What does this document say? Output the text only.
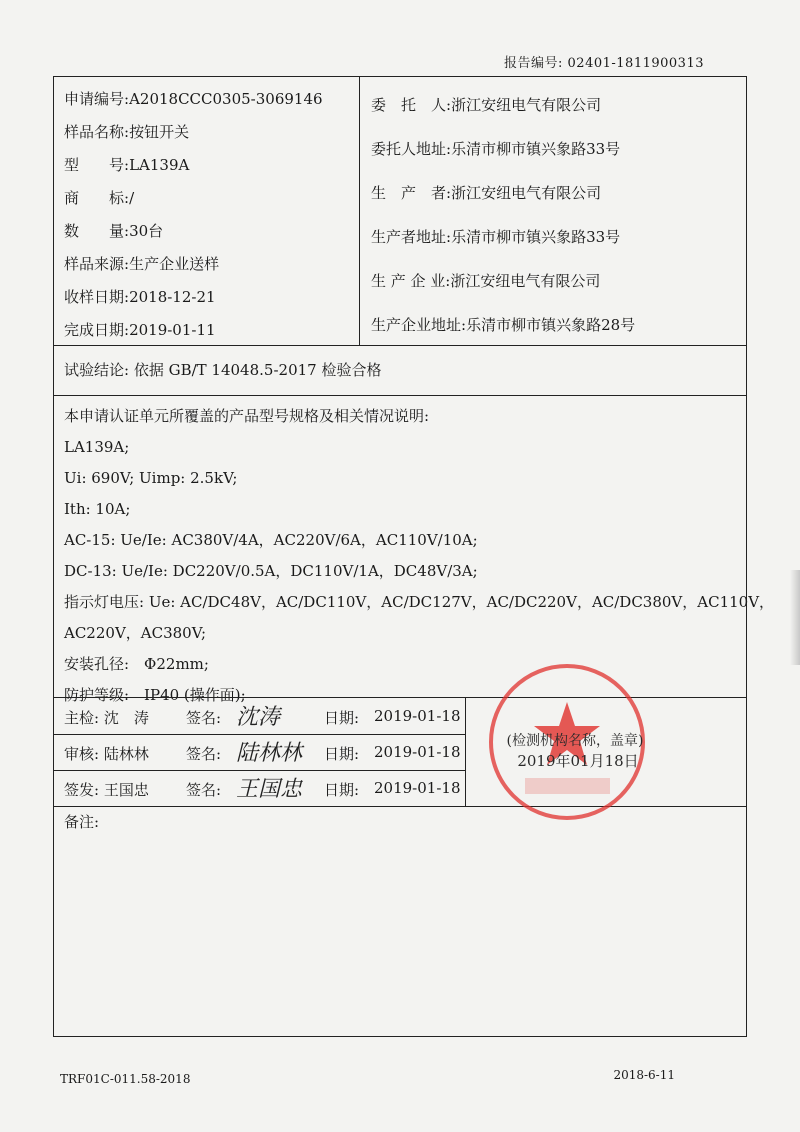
报告编号: 02401-1811900313
申请编号:A2018CCC0305-3069146
样品名称:按钮开关
型　　号:LA139A
商　　标:/
数　　量:30台
样品来源:生产企业送样
收样日期:2018-12-21
完成日期:2019-01-11
委　托　人:浙江安纽电气有限公司
委托人地址:乐清市柳市镇兴象路33号
生　产　者:浙江安纽电气有限公司
生产者地址:乐清市柳市镇兴象路33号
生 产 企 业:浙江安纽电气有限公司
生产企业地址:乐清市柳市镇兴象路28号
试验结论: 依据 GB/T 14048.5-2017 检验合格
本申请认证单元所覆盖的产品型号规格及相关情况说明:
LA139A;
Ui: 690V; Uimp: 2.5kV;
Ith: 10A;
AC-15: Ue/Ie: AC380V/4A，AC220V/6A，AC110V/10A;
DC-13: Ue/Ie: DC220V/0.5A，DC110V/1A，DC48V/3A;
指示灯电压: Ue: AC/DC48V，AC/DC110V，AC/DC127V，AC/DC220V，AC/DC380V，AC110V，
AC220V，AC380V;
安装孔径:　Φ22mm;
防护等级:　IP40 (操作面);
主检: 沈　涛 签名: 沈涛	日期: 2019-01-18
审核: 陆林林 签名: 陆林林 日期: 2019-01-18
签发: 王国忠 签名: 王国忠 日期: 2019-01-18
备注:
(检测机构名称，盖章)
2019年01月18日
TRF01C-011.58-2018	2018-6-11
